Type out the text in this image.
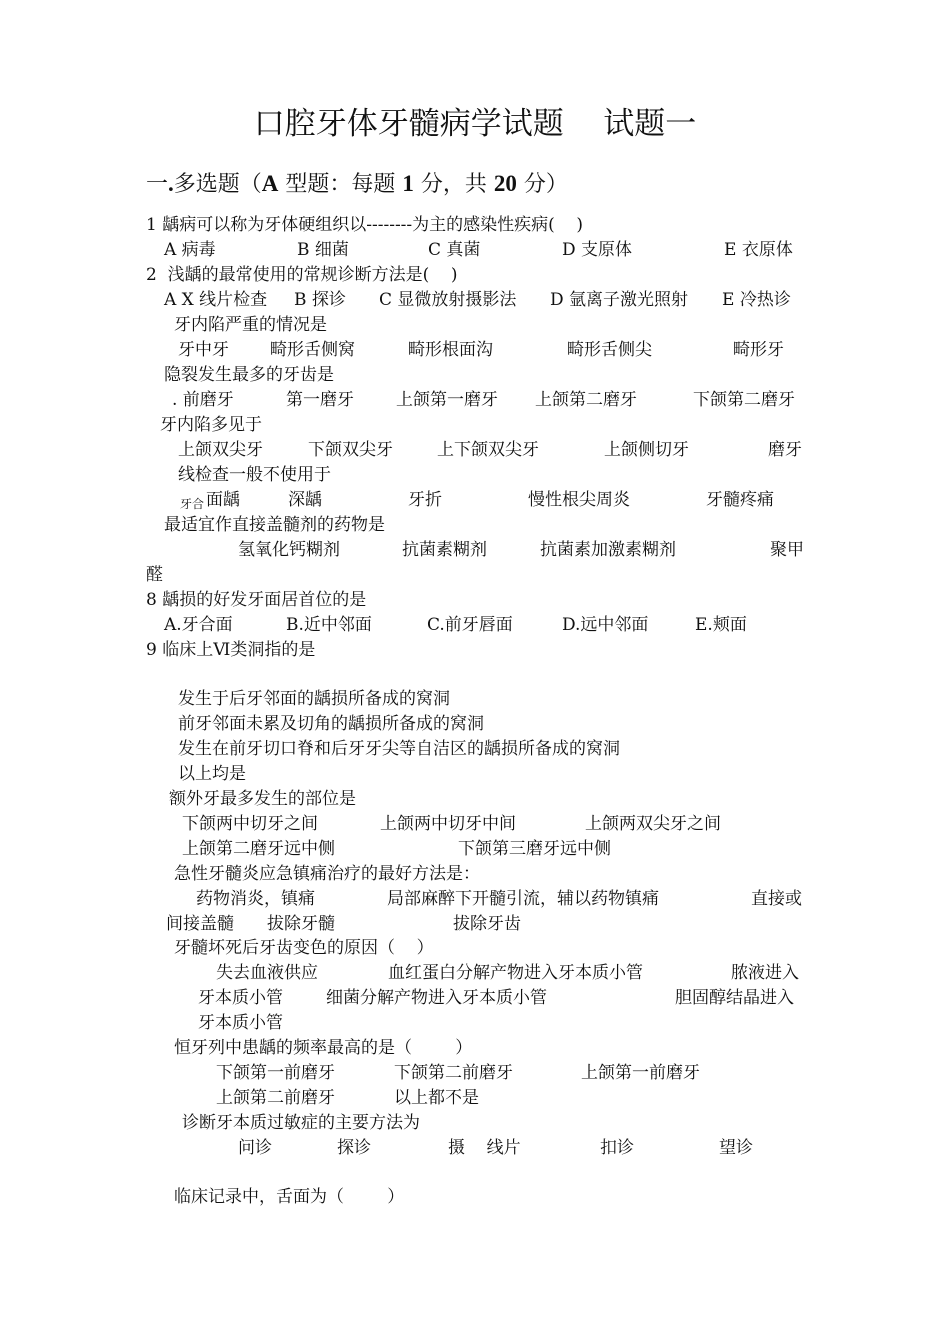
口腔牙体牙髓病学试题    试题一
一.多选题（A 型题：每题 1 分，共 20 分）
1 龋病可以称为牙体硬组织以--------为主的感染性疾病(    )
A 病毒	B 细菌	C 真菌	D 支原体	E 衣原体
2  浅龋的最常使用的常规诊断方法是(    )
A X 线片检查 B 探诊 C 显微放射摄影法 D 氩离子激光照射 E 冷热诊
牙内陷严重的情况是
牙中牙 畸形舌侧窝	畸形根面沟	畸形舌侧尖	畸形牙
隐裂发生最多的牙齿是
. 前磨牙	第一磨牙 上颌第一磨牙 上颌第二磨牙	下颌第二磨牙
牙内陷多见于
上颌双尖牙	下颌双尖牙	上下颌双尖牙	上颌侧切牙	磨牙
线检查一般不使用于
牙合 面龋	深龋	牙折	慢性根尖周炎	牙髓疼痛
最适宜作直接盖髓剂的药物是
氢氧化钙糊剂	抗菌素糊剂	抗菌素加激素糊剂	聚甲
醛
8 龋损的好发牙面居首位的是
A.牙合面	B.近中邻面	C.前牙唇面	D.远中邻面	E.颊面
9 临床上Ⅵ类洞指的是
发生于后牙邻面的龋损所备成的窝洞
前牙邻面未累及切角的龋损所备成的窝洞
发生在前牙切口脊和后牙牙尖等自洁区的龋损所备成的窝洞
以上均是
额外牙最多发生的部位是
下颌两中切牙之间	上颌两中切牙中间	上颌两双尖牙之间
上颌第二磨牙远中侧	下颌第三磨牙远中侧
急性牙髓炎应急镇痛治疗的最好方法是：
药物消炎，镇痛	局部麻醉下开髓引流，辅以药物镇痛	直接或
间接盖髓 拔除牙髓	拔除牙齿
牙髓坏死后牙齿变色的原因（    ）
失去血液供应	血红蛋白分解产物进入牙本质小管	脓液进入
牙本质小管	细菌分解产物进入牙本质小管	胆固醇结晶进入
牙本质小管
恒牙列中患龋的频率最高的是（        ）
下颌第一前磨牙	下颌第二前磨牙	上颌第一前磨牙
上颌第二前磨牙	以上都不是
诊断牙本质过敏症的主要方法为
问诊	探诊	摄    线片	扣诊	望诊
临床记录中，舌面为（        ）
